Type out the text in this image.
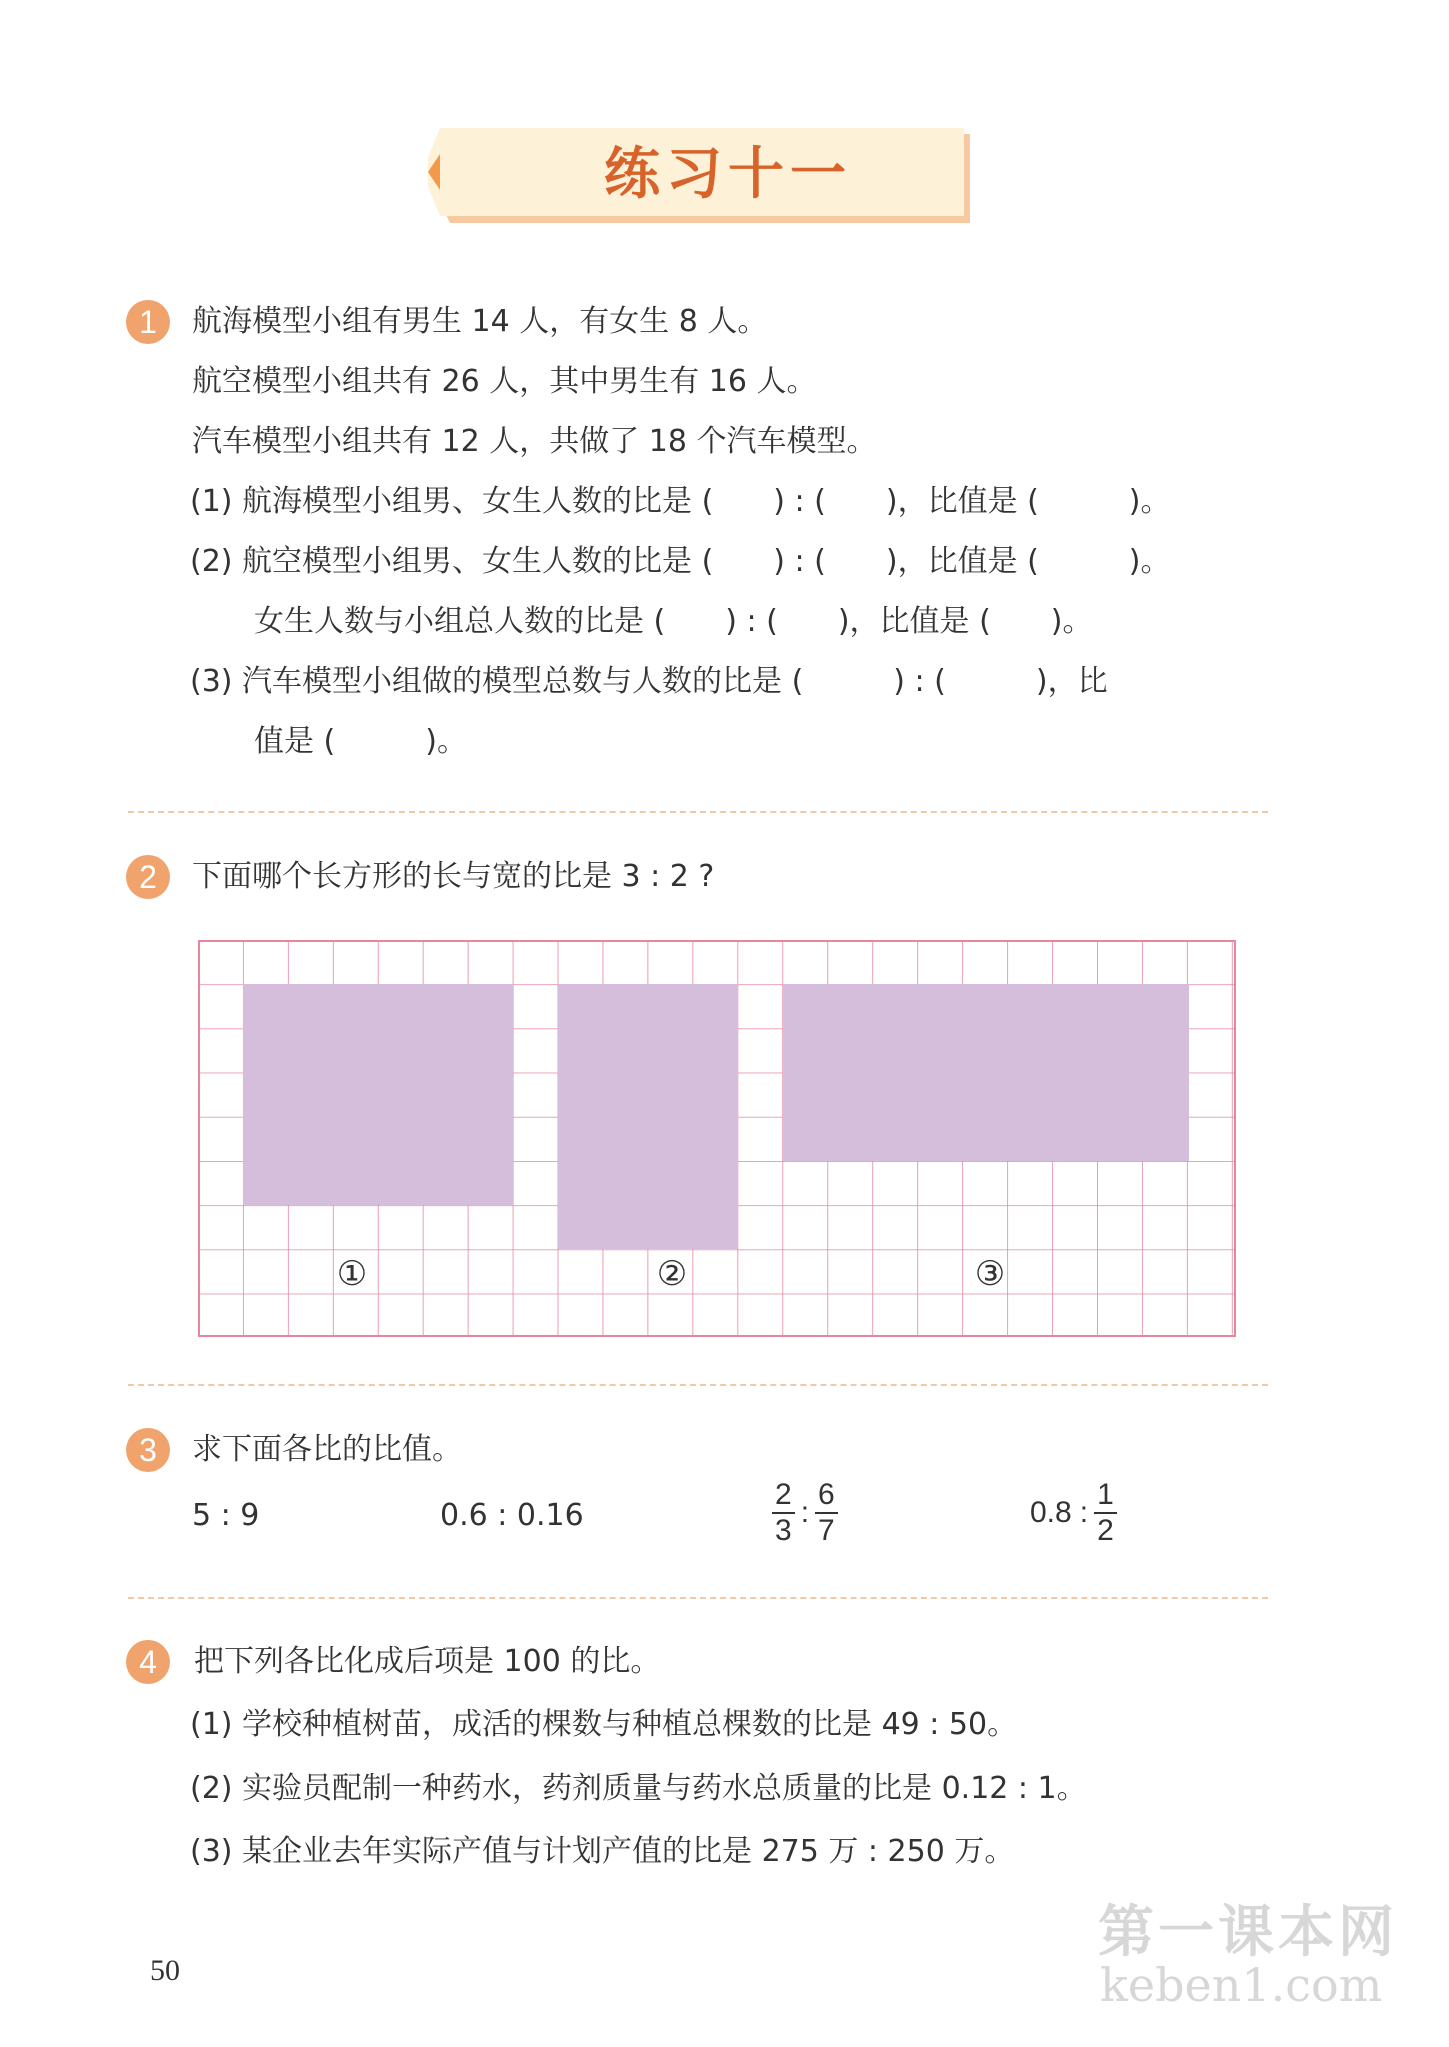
练习十一
1	航海模型小组有男生 14 人，有女生 8 人。
航空模型小组共有 26 人，其中男生有 16 人。
汽车模型小组共有 12 人，共做了 18 个汽车模型。
(1) 航海模型小组男、女生人数的比是 (　　) : (　　)，比值是 (　　　)。
(2) 航空模型小组男、女生人数的比是 (　　) : (　　)，比值是 (　　　)。
女生人数与小组总人数的比是 (　　) : (　　)，比值是 (　　)。
(3) 汽车模型小组做的模型总数与人数的比是 (　　　) : (　　　)，比
值是 (　　　)。
2	下面哪个长方形的长与宽的比是 3 : 2 ?
①	②	③
3	求下面各比的比值。
5 : 9	0.6 : 0.16	$\frac{2}{3}$ : $\frac{6}{7}$	0.8 : $\frac{1}{2}$
4	把下列各比化成后项是 100 的比。
(1) 学校种植树苗，成活的棵数与种植总棵数的比是 49 : 50。
(2) 实验员配制一种药水，药剂质量与药水总质量的比是 0.12 : 1。
(3) 某企业去年实际产值与计划产值的比是 275 万 : 250 万。
50
第一课本网
keben1.com
